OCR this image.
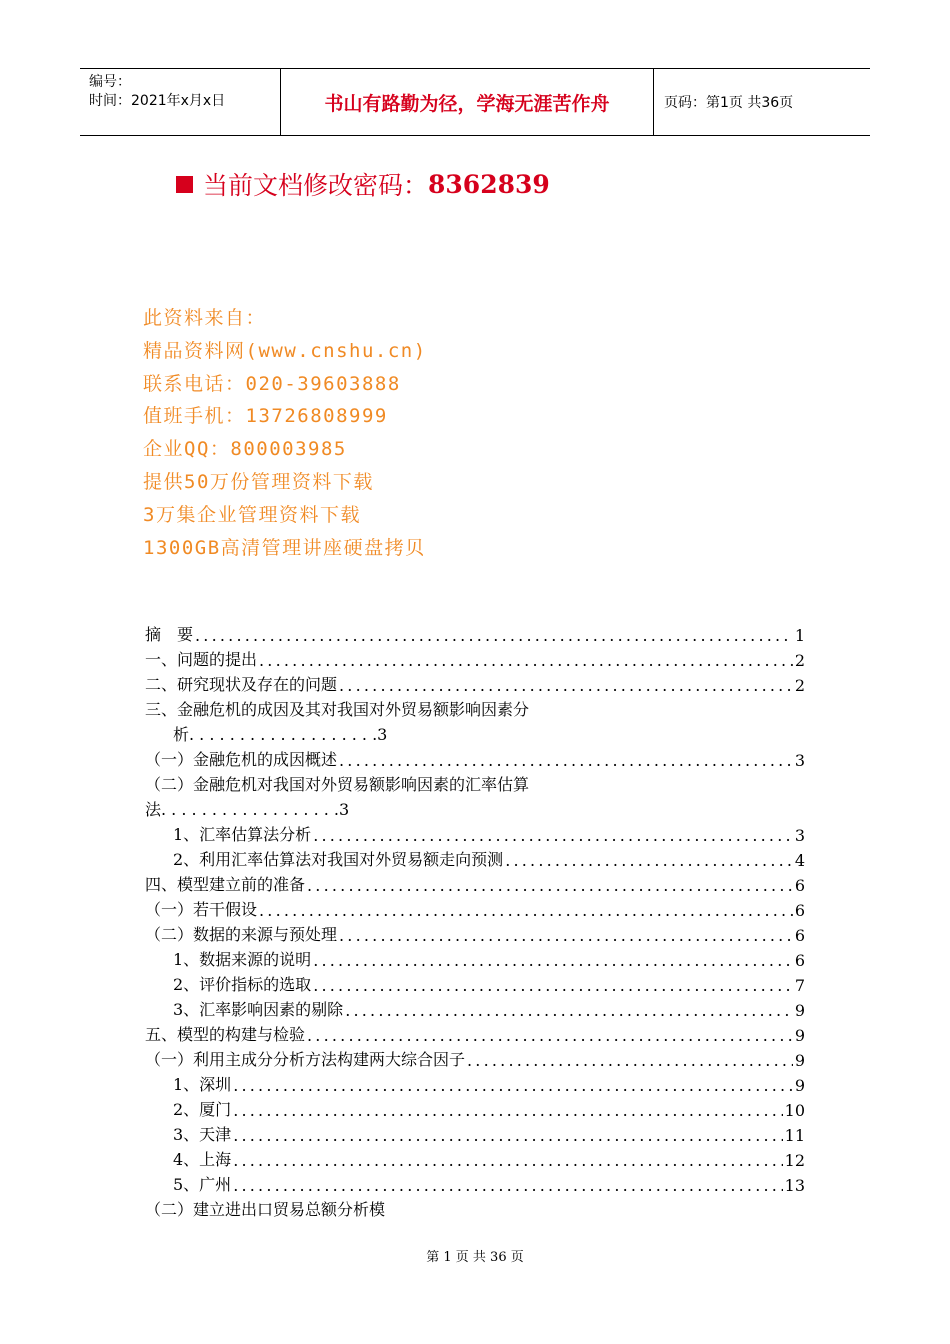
编号：
时间：2021年x月x日	书山有路勤为径，学海无涯苦作舟	页码：第1页 共36页
当前文档修改密码： 8362839
此资料来自：
精品资料网(www.cnshu.cn)
联系电话：020-39603888
值班手机：13726808999
企业QQ：800003985
提供50万份管理资料下载
3万集企业管理资料下载
1300GB高清管理讲座硬盘拷贝
摘　要 .....	1
一、问题的提出 .....	2
二、研究现状及存在的问题 .....	2
三、金融危机的成因及其对我国对外贸易额影响因素分
析. . . . . . . . . . . . . . . . . . .3
（一）金融危机的成因概述 .....	3
（二）金融危机对我国对外贸易额影响因素的汇率估算
法. . . . . . . . . . . . . . . . . .3
1、汇率估算法分析 .....	3
2、利用汇率估算法对我国对外贸易额走向预测 .....	4
四、模型建立前的准备 .....	6
（一）若干假设 .....	6
（二）数据的来源与预处理 .....	6
1、数据来源的说明 .....	6
2、评价指标的选取 .....	7
3、汇率影响因素的剔除 .....	9
五、模型的构建与检验 .....	9
（一）利用主成分分析方法构建两大综合因子 .....	9
1、深圳 .....	9
2、厦门 .....	10
3、天津 .....	11
4、上海 .....	12
5、广州 .....	13
（二）建立进出口贸易总额分析模
第 1 页 共 36 页
